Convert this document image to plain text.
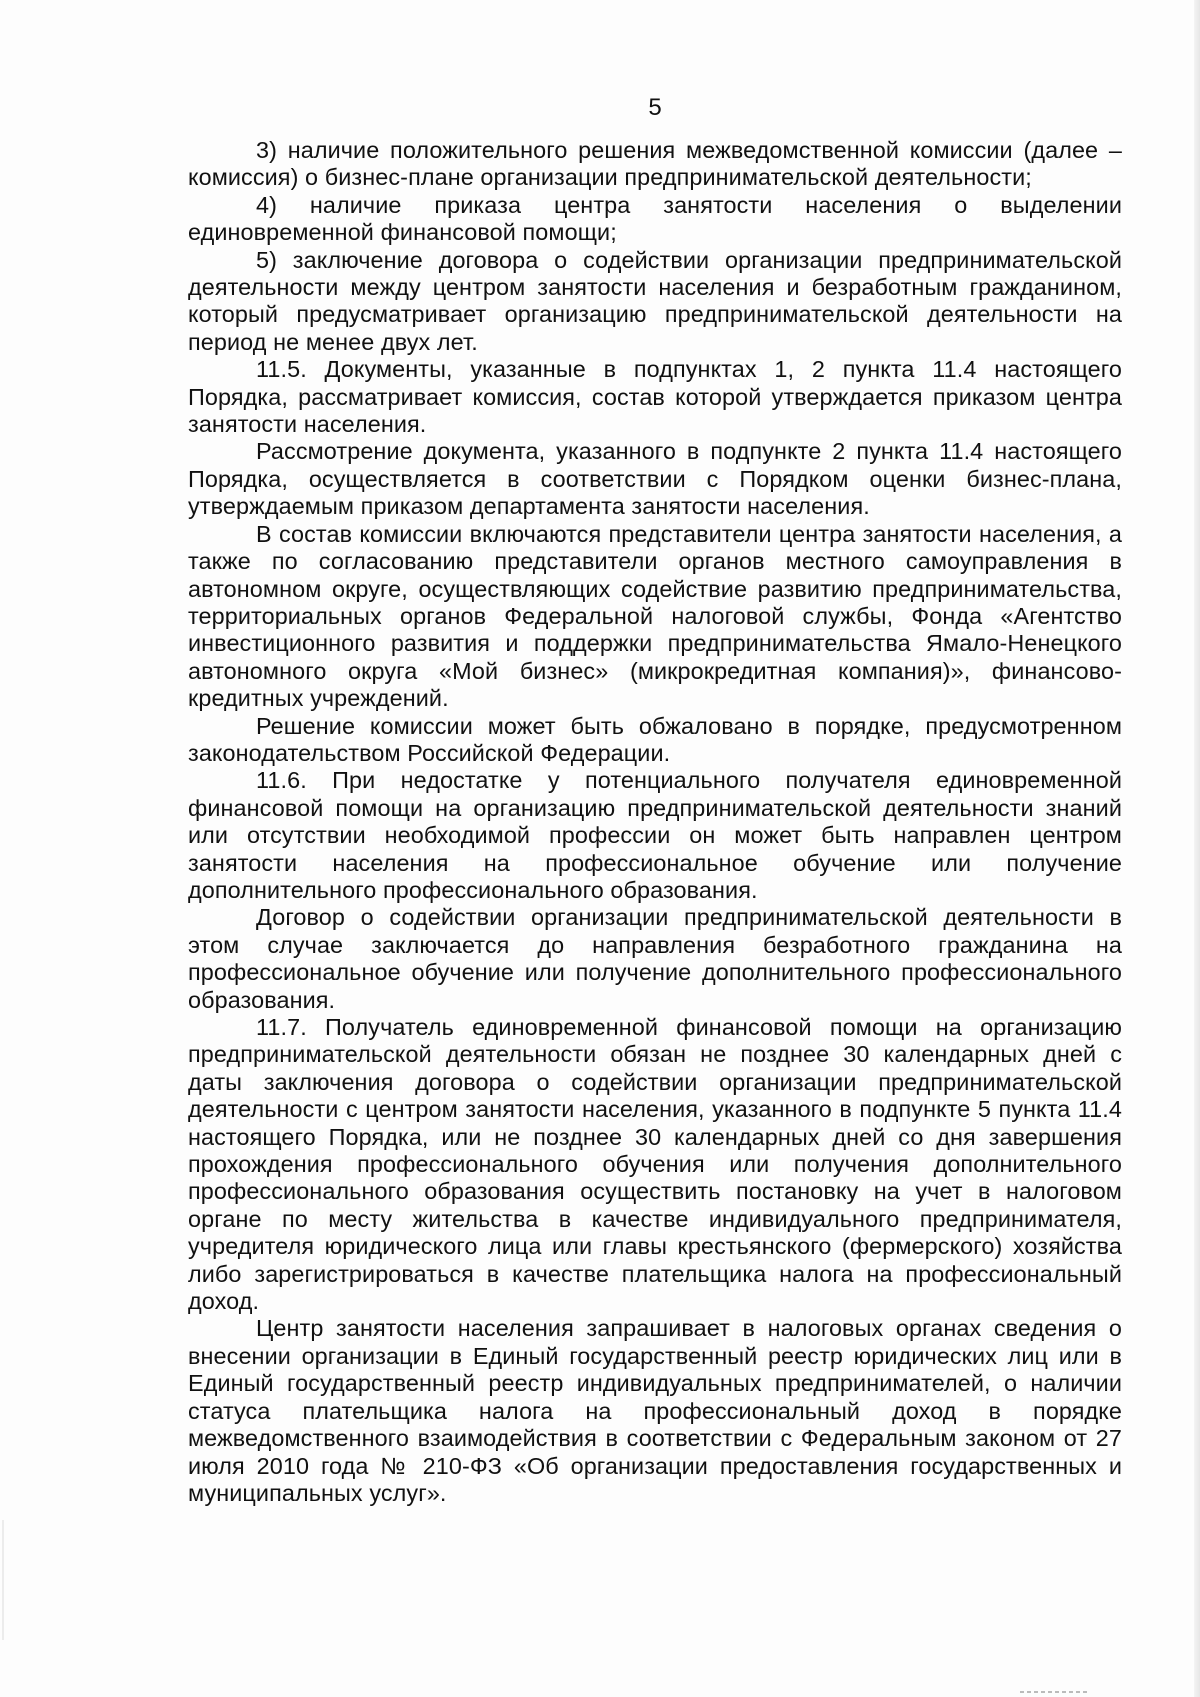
5

3) наличие положительного решения межведомственной комиссии (далее – комиссия) о бизнес-плане организации предпринимательской деятельности;

4) наличие приказа центра занятости населения о выделении единовременной финансовой помощи;

5) заключение договора о содействии организации предпринимательской деятельности между центром занятости населения и безработным гражданином, который предусматривает организацию предпринимательской деятельности на период не менее двух лет.

11.5. Документы, указанные в подпунктах 1, 2 пункта 11.4 настоящего Порядка, рассматривает комиссия, состав которой утверждается приказом центра занятости населения.

Рассмотрение документа, указанного в подпункте 2 пункта 11.4 настоящего Порядка, осуществляется в соответствии с Порядком оценки бизнес-плана, утверждаемым приказом департамента занятости населения.

В состав комиссии включаются представители центра занятости населения, а также по согласованию представители органов местного самоуправления в автономном округе, осуществляющих содействие развитию предпринимательства, территориальных органов Федеральной налоговой службы, Фонда «Агентство инвестиционного развития и поддержки предпринимательства Ямало-Ненецкого автономного округа «Мой бизнес» (микрокредитная компания)», финансово-кредитных учреждений.

Решение комиссии может быть обжаловано в порядке, предусмотренном законодательством Российской Федерации.

11.6. При недостатке у потенциального получателя единовременной финансовой помощи на организацию предпринимательской деятельности знаний или отсутствии необходимой профессии он может быть направлен центром занятости населения на профессиональное обучение или получение дополнительного профессионального образования.

Договор о содействии организации предпринимательской деятельности в этом случае заключается до направления безработного гражданина на профессиональное обучение или получение дополнительного профессионального образования.

11.7. Получатель единовременной финансовой помощи на организацию предпринимательской деятельности обязан не позднее 30 календарных дней с даты заключения договора о содействии организации предпринимательской деятельности с центром занятости населения, указанного в подпункте 5 пункта 11.4 настоящего Порядка, или не позднее 30 календарных дней со дня завершения прохождения профессионального обучения или получения дополнительного профессионального образования осуществить постановку на учет в налоговом органе по месту жительства в качестве индивидуального предпринимателя, учредителя юридического лица или главы крестьянского (фермерского) хозяйства либо зарегистрироваться в качестве плательщика налога на профессиональный доход.

Центр занятости населения запрашивает в налоговых органах сведения о внесении организации в Единый государственный реестр юридических лиц или в Единый государственный реестр индивидуальных предпринимателей, о наличии статуса плательщика налога на профессиональный доход в порядке межведомственного взаимодействия в соответствии с Федеральным законом от 27 июля 2010 года № 210-ФЗ «Об организации предоставления государственных и муниципальных услуг».
